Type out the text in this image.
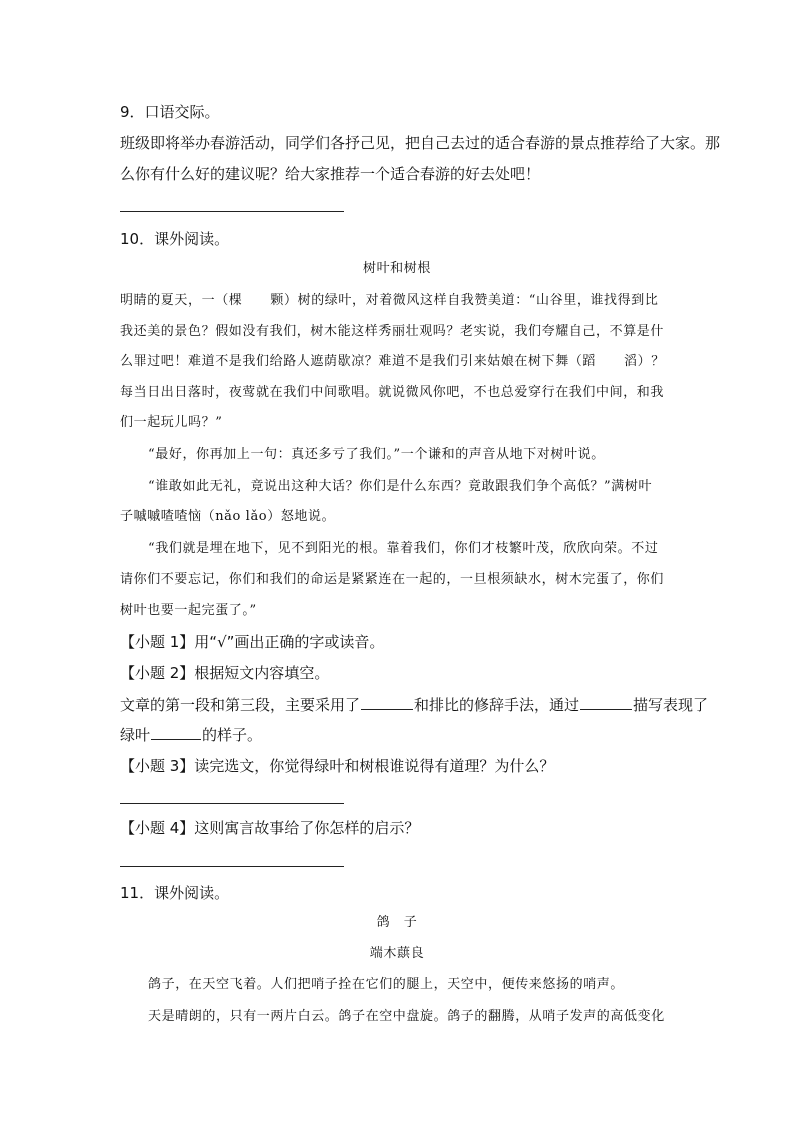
9．口语交际。
班级即将举办春游活动，同学们各抒己见，把自己去过的适合春游的景点推荐给了大家。那
么你有什么好的建议呢？给大家推荐一个适合春游的好去处吧！
10．课外阅读。
树叶和树根
明睛的夏天，一（棵 颗）树的绿叶，对着微风这样自我赞美道：“山谷里，谁找得到比
我还美的景色？假如没有我们，树木能这样秀丽壮观吗？老实说，我们夸耀自己，不算是什
么罪过吧！难道不是我们给路人遮荫歇凉？难道不是我们引来姑娘在树下舞（蹈 滔）？
每当日出日落时，夜莺就在我们中间歌唱。就说微风你吧，不也总爱穿行在我们中间，和我
们一起玩儿吗？”
“最好，你再加上一句：真还多亏了我们。”一个谦和的声音从地下对树叶说。
“谁敢如此无礼，竟说出这种大话？你们是什么东西？竟敢跟我们争个高低？”满树叶
子嘁嘁喳喳恼（nǎo lǎo）怒地说。
“我们就是埋在地下，见不到阳光的根。靠着我们，你们才枝繁叶茂，欣欣向荣。不过
请你们不要忘记，你们和我们的命运是紧紧连在一起的，一旦根须缺水，树木完蛋了，你们
树叶也要一起完蛋了。”
【小题 1】用“√”画出正确的字或读音。
【小题 2】根据短文内容填空。
文章的第一段和第三段，主要采用了	和排比的修辞手法，通过	描写表现了
绿叶	的样子。
【小题 3】读完选文，你觉得绿叶和树根谁说得有道理？为什么？
【小题 4】这则寓言故事给了你怎样的启示？
11．课外阅读。
鸽　子
端木蕻良
鸽子，在天空飞着。人们把哨子拴在它们的腿上，天空中，便传来悠扬的哨声。
天是晴朗的，只有一两片白云。鸽子在空中盘旋。鸽子的翻腾，从哨子发声的高低变化
